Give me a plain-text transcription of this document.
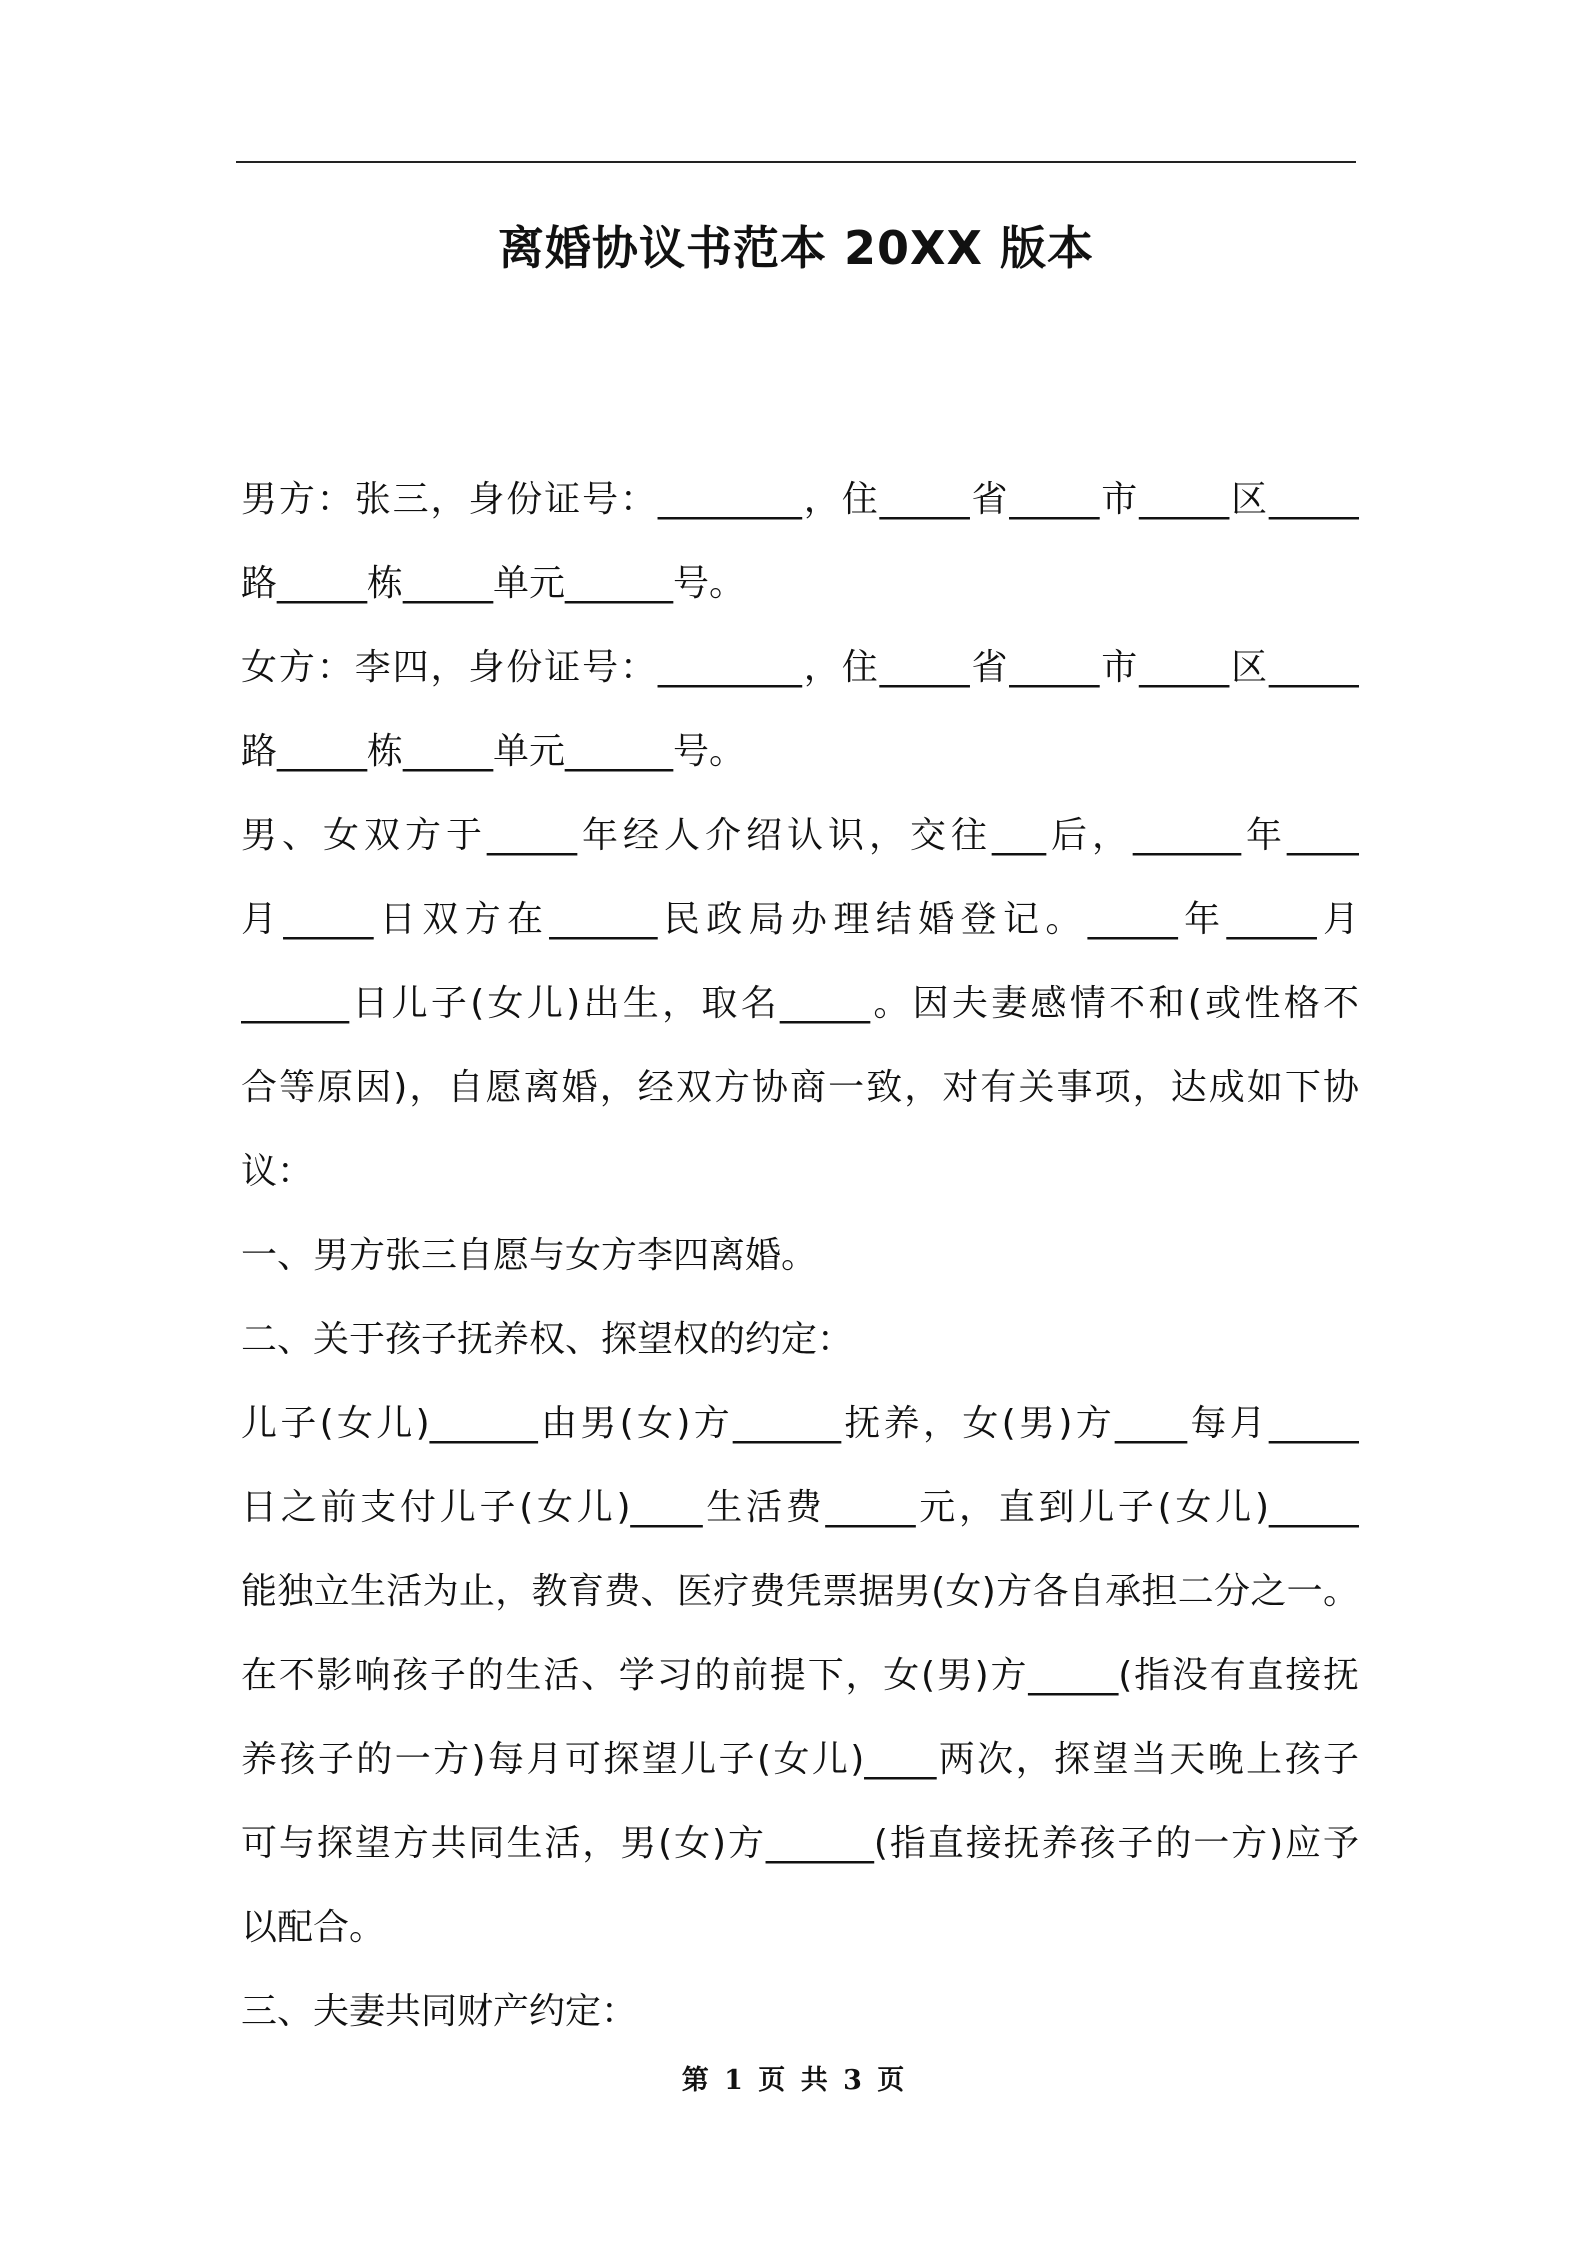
离婚协议书范本 20XX 版本
男方：张三，身份证号：________，住_____省_____市_____区_____
路_____栋_____单元______号。
女方：李四，身份证号：________，住_____省_____市_____区_____
路_____栋_____单元______号。
男、女双方于_____年经人介绍认识，交往___后，______年____
月_____日双方在______民政局办理结婚登记。_____年_____月
______日儿子(女儿)出生，取名_____。因夫妻感情不和(或性格不
合等原因)，自愿离婚，经双方协商一致，对有关事项，达成如下协
议：
一、男方张三自愿与女方李四离婚。
二、关于孩子抚养权、探望权的约定：
儿子(女儿)______由男(女)方______抚养，女(男)方____每月_____
日之前支付儿子(女儿)____生活费_____元，直到儿子(女儿)_____
能独立生活为止，教育费、医疗费凭票据男(女)方各自承担二分之一。
在不影响孩子的生活、学习的前提下，女(男)方_____(指没有直接抚
养孩子的一方)每月可探望儿子(女儿)____两次，探望当天晚上孩子
可与探望方共同生活，男(女)方______(指直接抚养孩子的一方)应予
以配合。
三、夫妻共同财产约定：
第 1 页 共 3 页
